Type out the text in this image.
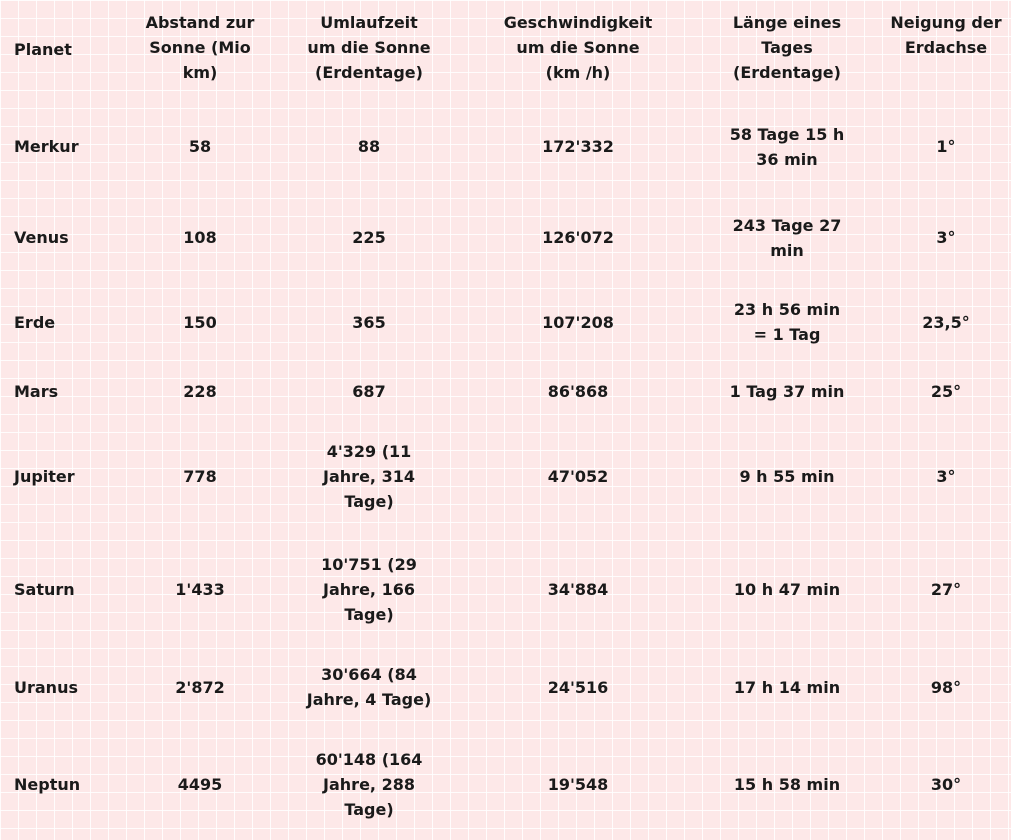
Planet	Abstand zur Sonne (Mio km)	Umlaufzeit um die Sonne (Erdentage)	Geschwindigkeit um die Sonne (km /h)	Länge eines Tages (Erdentage)	Neigung der Erdachse
Merkur	58	88	172'332	58 Tage 15 h 36 min	1°
Venus	108	225	126'072	243 Tage 27 min	3°
Erde	150	365	107'208	23 h 56 min = 1 Tag	23,5°
Mars	228	687	86'868	1 Tag 37 min	25°
Jupiter	778	4'329 (11 Jahre, 314 Tage)	47'052	9 h 55 min	3°
Saturn	1'433	10'751 (29 Jahre, 166 Tage)	34'884	10 h 47 min	27°
Uranus	2'872	30'664 (84 Jahre, 4 Tage)	24'516	17 h 14 min	98°
Neptun	4495	60'148 (164 Jahre, 288 Tage)	19'548	15 h 58 min	30°
